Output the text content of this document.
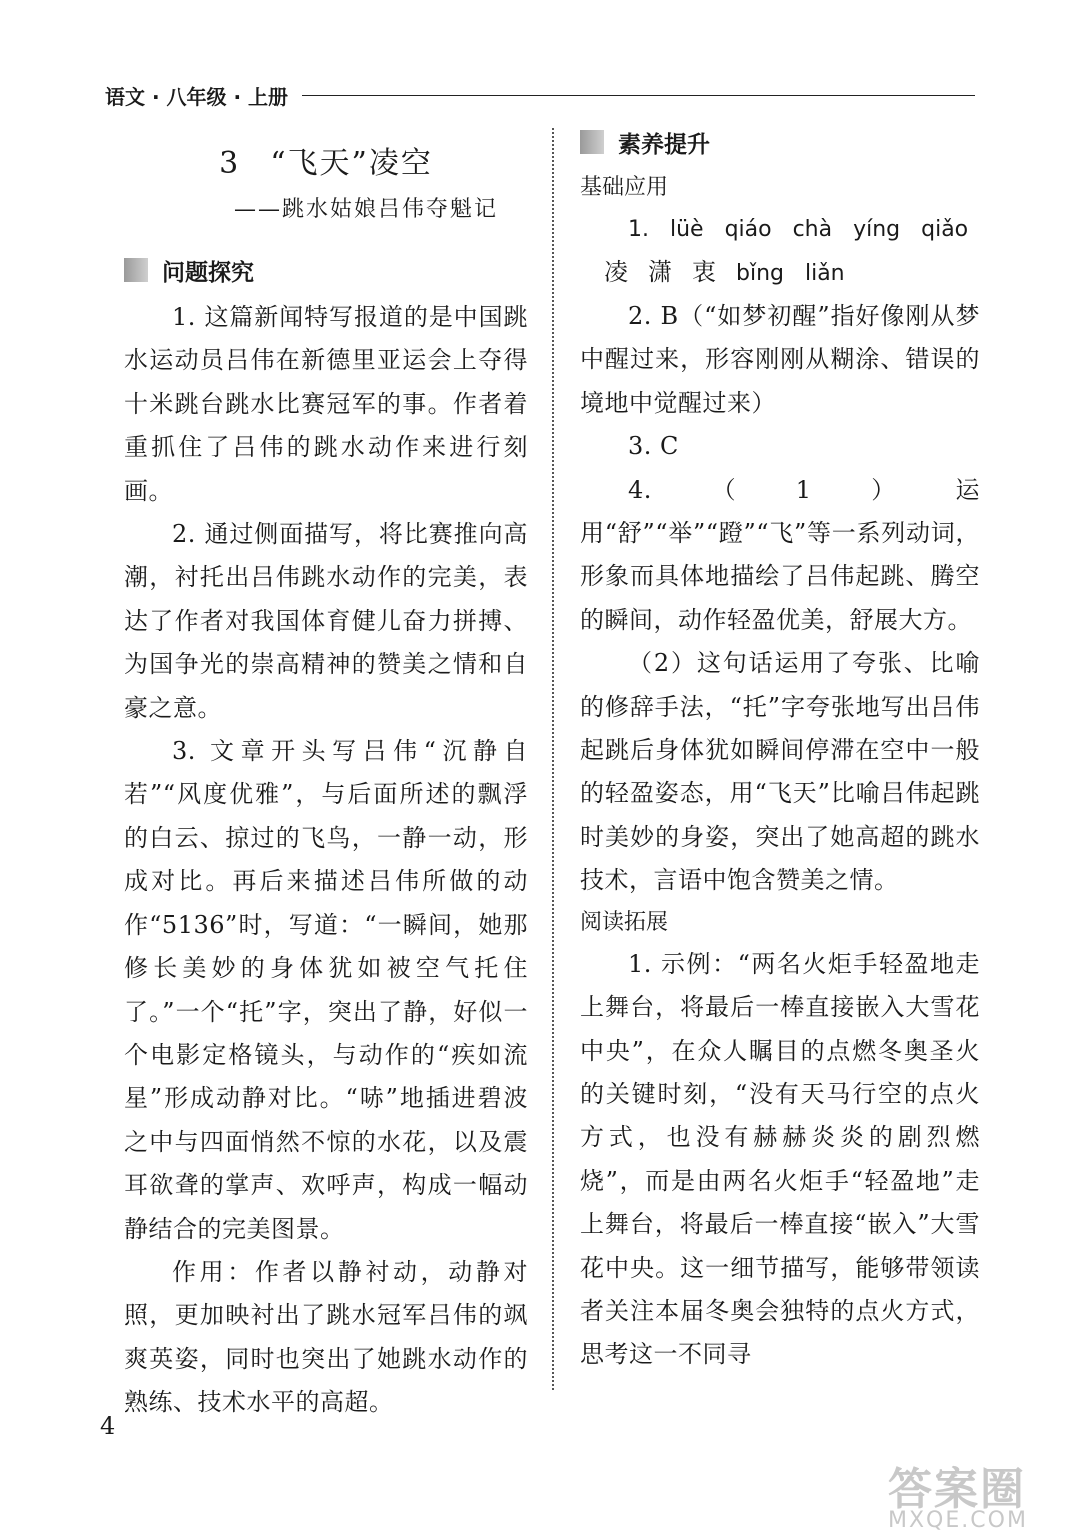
语文 · 八年级 · 上册
3 “飞天”凌空
——跳水姑娘吕伟夺魁记
问题探究

1. 这篇新闻特写报道的是中国跳水运动员吕伟在新德里亚运会上夺得十米跳台跳水比赛冠军的事。作者着重抓住了吕伟的跳水动作来进行刻画。

2. 通过侧面描写，将比赛推向高潮，衬托出吕伟跳水动作的完美，表达了作者对我国体育健儿奋力拼搏、为国争光的崇高精神的赞美之情和自豪之意。

3. 文章开头写吕伟“沉静自若”“风度优雅”，与后面所述的飘浮的白云、掠过的飞鸟，一静一动，形成对比。再后来描述吕伟所做的动作“5136”时，写道：“一瞬间，她那修长美妙的身体犹如被空气托住了。”一个“托”字，突出了静，好似一个电影定格镜头，与动作的“疾如流星”形成动静对比。“哧”地插进碧波之中与四面悄然不惊的水花，以及震耳欲聋的掌声、欢呼声，构成一幅动静结合的完美图景。

作用：作者以静衬动，动静对照，更加映衬出了跳水冠军吕伟的飒爽英姿，同时也突出了她跳水动作的熟练、技术水平的高超。

素养提升
基础应用
1. lüè qiáo chà yíng qiǎo
凌 潇 衷 bǐng liǎn

2. B（“如梦初醒”指好像刚从梦中醒过来，形容刚刚从糊涂、错误的境地中觉醒过来）

3. C

4.（1）运用“舒”“举”“蹬”“飞”等一系列动词，形象而具体地描绘了吕伟起跳、腾空的瞬间，动作轻盈优美，舒展大方。

（2）这句话运用了夸张、比喻的修辞手法，“托”字夸张地写出吕伟起跳后身体犹如瞬间停滞在空中一般的轻盈姿态，用“飞天”比喻吕伟起跳时美妙的身姿，突出了她高超的跳水技术，言语中饱含赞美之情。

阅读拓展

1. 示例：“两名火炬手轻盈地走上舞台，将最后一棒直接嵌入大雪花中央”，在众人瞩目的点燃冬奥圣火的关键时刻，“没有天马行空的点火方式，也没有赫赫炎炎的剧烈燃烧”，而是由两名火炬手“轻盈地”走上舞台，将最后一棒直接“嵌入”大雪花中央。这一细节描写，能够带领读者关注本届冬奥会独特的点火方式，思考这一不同寻

4
答案圈
MXQE.COM
